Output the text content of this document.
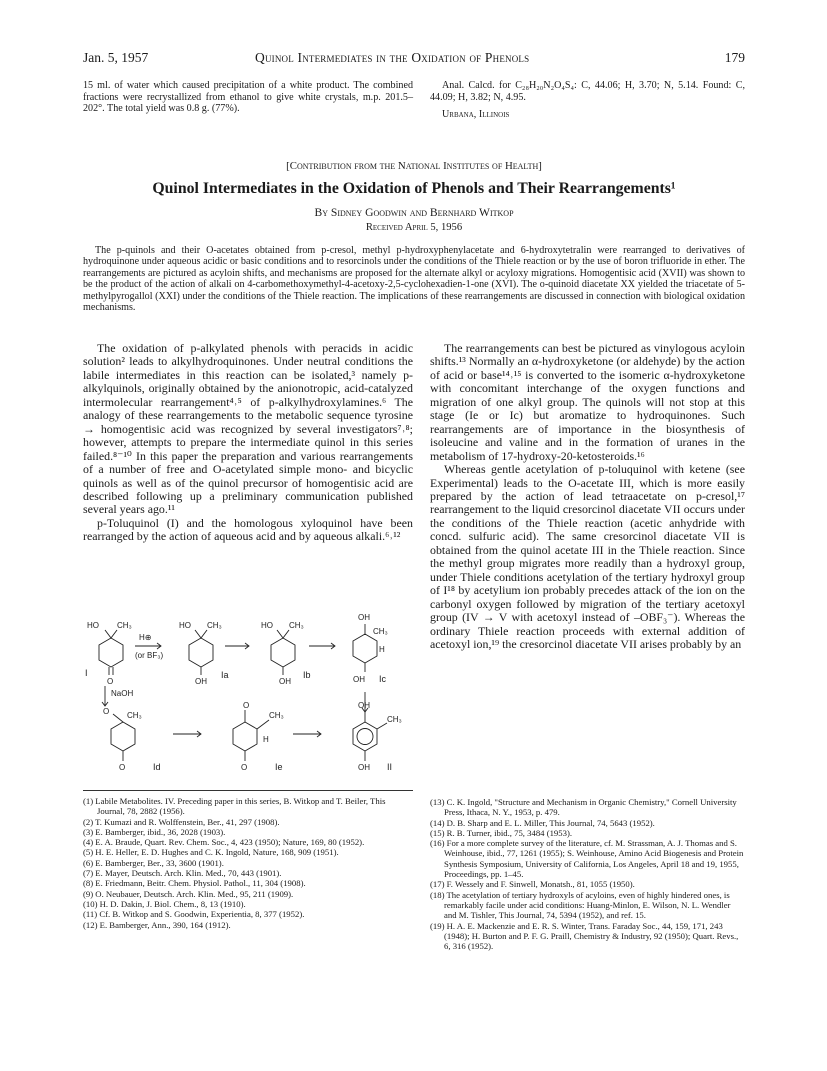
Jan. 5, 1957	Quinol Intermediates in the Oxidation of Phenols	179

15 ml. of water which caused precipitation of a white product. The combined fractions were recrystallized from ethanol to give white crystals, m.p. 201.5–202°. The total yield was 0.8 g. (77%).

Anal. Calcd. for C₂₈H₂₀N₂O₄S₄: C, 44.06; H, 3.70; N, 5.14. Found: C, 44.09; H, 3.82; N, 4.95.

Urbana, Illinois

[Contribution from the National Institutes of Health]
Quinol Intermediates in the Oxidation of Phenols and Their Rearrangements¹
By Sidney Goodwin and Bernhard Witkop
Received April 5, 1956
The p-quinols and their O-acetates obtained from p-cresol, methyl p-hydroxyphenylacetate and 6-hydroxytetralin were rearranged to derivatives of hydroquinone under aqueous acidic or basic conditions and to resorcinols under the conditions of the Thiele reaction or by the use of boron trifluoride in ether. The rearrangements are pictured as acyloin shifts, and mechanisms are proposed for the alternate alkyl or acyloxy migrations. Homogentisic acid (XVII) was shown to be the product of the action of alkali on 4-carbomethoxymethyl-4-acetoxy-2,5-cyclohexadien-1-one (XVI). The o-quinoid diacetate XX yielded the triacetate of 5-methylpyrogallol (XXI) under the conditions of the Thiele reaction. The implications of these rearrangements are discussed in connection with biological oxidation mechanisms.

The oxidation of p-alkylated phenols with peracids in acidic solution² leads to alkylhydroquinones. Under neutral conditions the labile intermediates in this reaction can be isolated,³ namely p-alkylquinols, originally obtained by the anionotropic, acid-catalyzed intermolecular rearrangement⁴˒⁵ of p-alkylhydroxylamines.⁶ The analogy of these rearrangements to the metabolic sequence tyrosine → homogentisic acid was recognized by several investigators⁷˒⁸; however, attempts to prepare the intermediate quinol in this series failed.⁸⁻¹⁰ In this paper the preparation and various rearrangements of a number of free and O-acetylated simple mono- and bicyclic quinols as well as of the quinol precursor of homogentisic acid are described following up a preliminary communication published several years ago.¹¹

p-Toluquinol (I) and the homologous xyloquinol have been rearranged by the action of aqueous acid and by aqueous alkali.⁶˒¹²

HO CH₃
O
I
H⊕
(or BF₃)
HO CH₃
OH
Ia
HO CH₃
OH
Ib
OH
CH₃
H
OH Ic
NaOH
O CH₃
O	Id
O
CH₃
H
O	Ie
OH
CH₃
OH II
(1) Labile Metabolites. IV. Preceding paper in this series, B. Witkop and T. Beiler, This Journal, 78, 2882 (1956).
(2) T. Kumazi and R. Wolffenstein, Ber., 41, 297 (1908).
(3) E. Bamberger, ibid., 36, 2028 (1903).
(4) E. A. Braude, Quart. Rev. Chem. Soc., 4, 423 (1950); Nature, 169, 80 (1952).
(5) H. E. Heller, E. D. Hughes and C. K. Ingold, Nature, 168, 909 (1951).
(6) E. Bamberger, Ber., 33, 3600 (1901).
(7) E. Mayer, Deutsch. Arch. Klin. Med., 70, 443 (1901).
(8) E. Friedmann, Beitr. Chem. Physiol. Pathol., 11, 304 (1908).
(9) O. Neubauer, Deutsch. Arch. Klin. Med., 95, 211 (1909).
(10) H. D. Dakin, J. Biol. Chem., 8, 13 (1910).
(11) Cf. B. Witkop and S. Goodwin, Experientia, 8, 377 (1952).
(12) E. Bamberger, Ann., 390, 164 (1912).

The rearrangements can best be pictured as vinylogous acyloin shifts.¹³ Normally an α-hydroxyketone (or aldehyde) by the action of acid or base¹⁴˒¹⁵ is converted to the isomeric α-hydroxyketone with concomitant interchange of the oxygen functions and migration of one alkyl group. The quinols will not stop at this stage (Ie or Ic) but aromatize to hydroquinones. Such rearrangements are of importance in the biosynthesis of isoleucine and valine and in the formation of uranes in the metabolism of 17-hydroxy-20-ketosteroids.¹⁶

Whereas gentle acetylation of p-toluquinol with ketene (see Experimental) leads to the O-acetate III, which is more easily prepared by the action of lead tetraacetate on p-cresol,¹⁷ rearrangement to the liquid cresorcinol diacetate VII occurs under the conditions of the Thiele reaction (acetic anhydride with concd. sulfuric acid). The same cresorcinol diacetate VII is obtained from the quinol acetate III in the Thiele reaction. Since the methyl group migrates more readily than a hydroxyl group, under Thiele conditions acetylation of the tertiary hydroxyl group of I¹⁸ by acetylium ion probably precedes attack of the ion on the carbonyl oxygen followed by migration of the tertiary acetoxyl group (IV → V with acetoxyl instead of –OBF₃⁻). Whereas the ordinary Thiele reaction proceeds with external addition of acetoxyl ion,¹⁹ the cresorcinol diacetate VII arises probably by an

(13) C. K. Ingold, "Structure and Mechanism in Organic Chemistry," Cornell University Press, Ithaca, N. Y., 1953, p. 479.
(14) D. B. Sharp and E. L. Miller, This Journal, 74, 5643 (1952).
(15) R. B. Turner, ibid., 75, 3484 (1953).
(16) For a more complete survey of the literature, cf. M. Strassman, A. J. Thomas and S. Weinhouse, ibid., 77, 1261 (1955); S. Weinhouse, Amino Acid Biogenesis and Protein Synthesis Symposium, University of California, Los Angeles, April 18 and 19, 1955, Proceedings, pp. 1–45.
(17) F. Wessely and F. Sinwell, Monatsh., 81, 1055 (1950).
(18) The acetylation of tertiary hydroxyls of acyloins, even of highly hindered ones, is remarkably facile under acid conditions: Huang-Minlon, E. Wilson, N. L. Wendler and M. Tishler, This Journal, 74, 5394 (1952), and ref. 15.
(19) H. A. E. Mackenzie and E. R. S. Winter, Trans. Faraday Soc., 44, 159, 171, 243 (1948); H. Burton and P. F. G. Praill, Chemistry & Industry, 92 (1950); Quart. Revs., 6, 316 (1952).
